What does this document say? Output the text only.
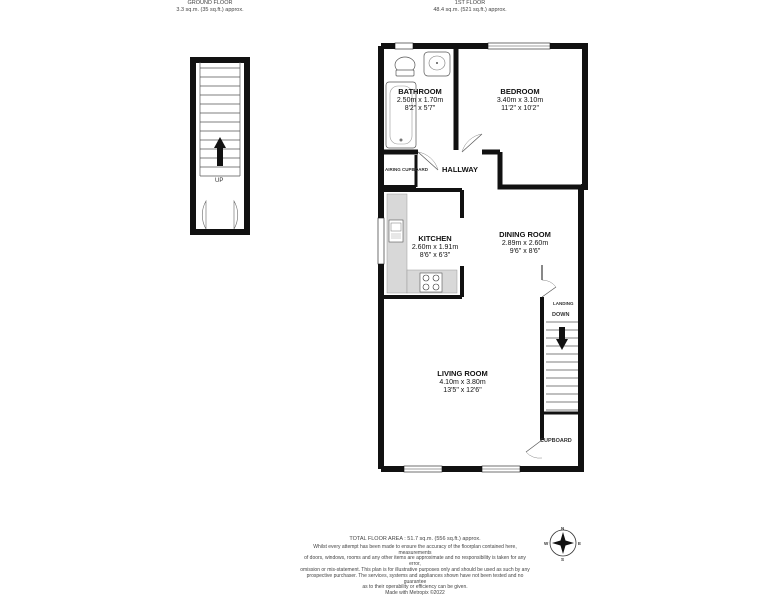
GROUND FLOOR
3.3 sq.m. (35 sq.ft.) approx.
1ST FLOOR
48.4 sq.m. (521 sq.ft.) approx.
N
E
S
W
BATHROOM
2.50m x 1.70m
8'2" x 5'7"
BEDROOM
3.40m x 3.10m
11'2" x 10'2"
HALLWAY
AIRING CUPBOARD
KITCHEN
2.60m x 1.91m
8'6" x 6'3"
DINING ROOM
2.89m x 2.60m
9'6" x 8'6"
LANDING
DOWN
LIVING ROOM
4.10m x 3.80m
13'5" x 12'6"
CUPBOARD
UP
TOTAL FLOOR AREA : 51.7 sq.m. (556 sq.ft.) approx.
Whilst every attempt has been made to ensure the accuracy of the floorplan contained here, measurements
of doors, windows, rooms and any other items are approximate and no responsibility is taken for any error,
omission or mis-statement. This plan is for illustrative purposes only and should be used as such by any
prospective purchaser. The services, systems and appliances shown have not been tested and no guarantee
as to their operability or efficiency can be given.
Made with Metropix ©2022
